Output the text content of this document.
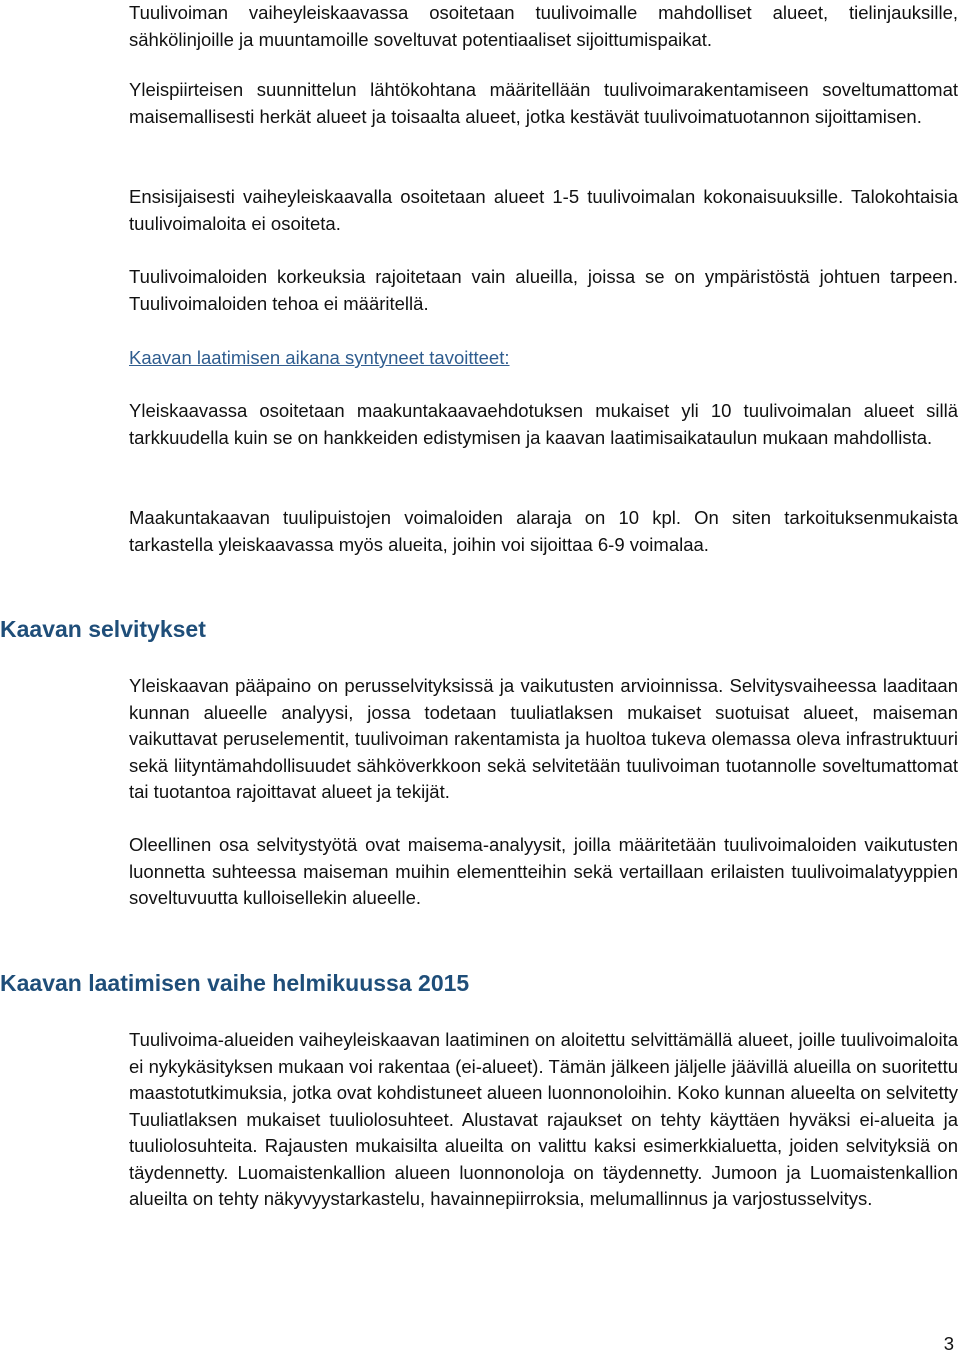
Tuulivoiman vaiheyleiskaavassa osoitetaan tuulivoimalle mahdolliset alueet, tielinjauksille, sähkölinjoille ja muuntamoille soveltuvat potentiaaliset sijoittumispaikat.

Yleispiirteisen suunnittelun lähtökohtana määritellään tuulivoimarakentamiseen soveltumattomat maisemallisesti herkät alueet ja toisaalta alueet, jotka kestävät tuulivoimatuotannon sijoittamisen.

Ensisijaisesti vaiheyleiskaavalla osoitetaan alueet 1-5 tuulivoimalan kokonaisuuksille. Talokohtaisia tuulivoimaloita ei osoiteta.

Tuulivoimaloiden korkeuksia rajoitetaan vain alueilla, joissa se on ympäristöstä johtuen tarpeen. Tuulivoimaloiden tehoa ei määritellä.

Kaavan laatimisen aikana syntyneet tavoitteet:

Yleiskaavassa osoitetaan maakuntakaavaehdotuksen mukaiset yli 10 tuulivoimalan alueet sillä tarkkuudella kuin se on hankkeiden edistymisen ja kaavan laatimisaikataulun mukaan mahdollista.

Maakuntakaavan tuulipuistojen voimaloiden alaraja on 10 kpl. On siten tarkoituksenmukaista tarkastella yleiskaavassa myös alueita, joihin voi sijoittaa 6-9 voimalaa.

Kaavan selvitykset

Yleiskaavan pääpaino on perusselvityksissä ja vaikutusten arvioinnissa. Selvitysvaiheessa laaditaan kunnan alueelle analyysi, jossa todetaan tuuliatlaksen mukaiset suotuisat alueet, maiseman vaikuttavat peruselementit, tuulivoiman rakentamista ja huoltoa tukeva olemassa oleva infrastruktuuri sekä liityntämahdollisuudet sähköverkkoon sekä selvitetään tuulivoiman tuotannolle soveltumattomat tai tuotantoa rajoittavat alueet ja tekijät.

Oleellinen osa selvitystyötä ovat maisema-analyysit, joilla määritetään tuulivoimaloiden vaikutusten luonnetta suhteessa maiseman muihin elementteihin sekä vertaillaan erilaisten tuulivoimalatyyppien soveltuvuutta kulloisellekin alueelle.

Kaavan laatimisen vaihe helmikuussa 2015

Tuulivoima-alueiden vaiheyleiskaavan laatiminen on aloitettu selvittämällä alueet, joille tuulivoimaloita ei nykykäsityksen mukaan voi rakentaa (ei-alueet). Tämän jälkeen jäljelle jäävillä alueilla on suoritettu maastotutkimuksia, jotka ovat kohdistuneet alueen luonnonoloihin. Koko kunnan alueelta on selvitetty Tuuliatlaksen mukaiset tuuliolosuhteet. Alustavat rajaukset on tehty käyttäen hyväksi ei-alueita ja tuuliolosuhteita. Rajausten mukaisilta alueilta on valittu kaksi esimerkkialuetta, joiden selvityksiä on täydennetty. Luomaistenkallion alueen luonnonoloja on täydennetty. Jumoon ja Luomaistenkallion alueilta on tehty näkyvyystarkastelu, havainnepiirroksia, melumallinnus ja varjostusselvitys.

3
